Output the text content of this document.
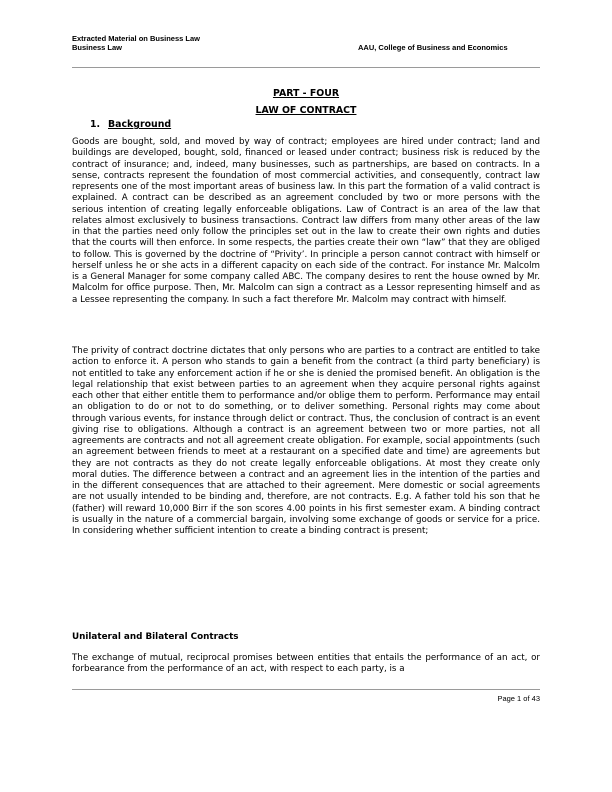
Extracted Material on Business Law
Business Law	AAU, College of Business and Economics
PART - FOUR
LAW OF CONTRACT
1. Background

Goods are bought, sold, and moved by way of contract; employees are hired under contract; land and buildings are developed, bought, sold, financed or leased under contract; business risk is reduced by the contract of insurance; and, indeed, many businesses, such as partnerships, are based on contracts. In a sense, contracts represent the foundation of most commercial activities, and consequently, contract law represents one of the most important areas of business law. In this part the formation of a valid contract is explained. A contract can be described as an agreement concluded by two or more persons with the serious intention of creating legally enforceable obligations. Law of Contract is an area of the law that relates almost exclusively to business transactions. Contract law differs from many other areas of the law in that the parties need only follow the principles set out in the law to create their own rights and duties that the courts will then enforce. In some respects, the parties create their own “law” that they are obliged to follow. This is governed by the doctrine of “Privity’. In principle a person cannot contract with himself or herself unless he or she acts in a different capacity on each side of the contract. For instance Mr. Malcolm is a General Manager for some company called ABC. The company desires to rent the house owned by Mr. Malcolm for office purpose. Then, Mr. Malcolm can sign a contract as a Lessor representing himself and as a Lessee representing the company. In such a fact therefore Mr. Malcolm may contract with himself.

The privity of contract doctrine dictates that only persons who are parties to a contract are entitled to take action to enforce it. A person who stands to gain a benefit from the contract (a third party beneficiary) is not entitled to take any enforcement action if he or she is denied the promised benefit. An obligation is the legal relationship that exist between parties to an agreement when they acquire personal rights against each other that either entitle them to performance and/or oblige them to perform. Performance may entail an obligation to do or not to do something, or to deliver something. Personal rights may come about through various events, for instance through delict or contract. Thus, the conclusion of contract is an event giving rise to obligations. Although a contract is an agreement between two or more parties, not all agreements are contracts and not all agreement create obligation. For example, social appointments (such an agreement between friends to meet at a restaurant on a specified date and time) are agreements but they are not contracts as they do not create legally enforceable obligations. At most they create only moral duties. The difference between a contract and an agreement lies in the intention of the parties and in the different consequences that are attached to their agreement. Mere domestic or social agreements are not usually intended to be binding and, therefore, are not contracts. E.g. A father told his son that he (father) will reward 10,000 Birr if the son scores 4.00 points in his first semester exam. A binding contract is usually in the nature of a commercial bargain, involving some exchange of goods or service for a price. In considering whether sufficient intention to create a binding contract is present;

Unilateral and Bilateral Contracts

The exchange of mutual, reciprocal promises between entities that entails the performance of an act, or forbearance from the performance of an act, with respect to each party, is a

Page 1 of 43
